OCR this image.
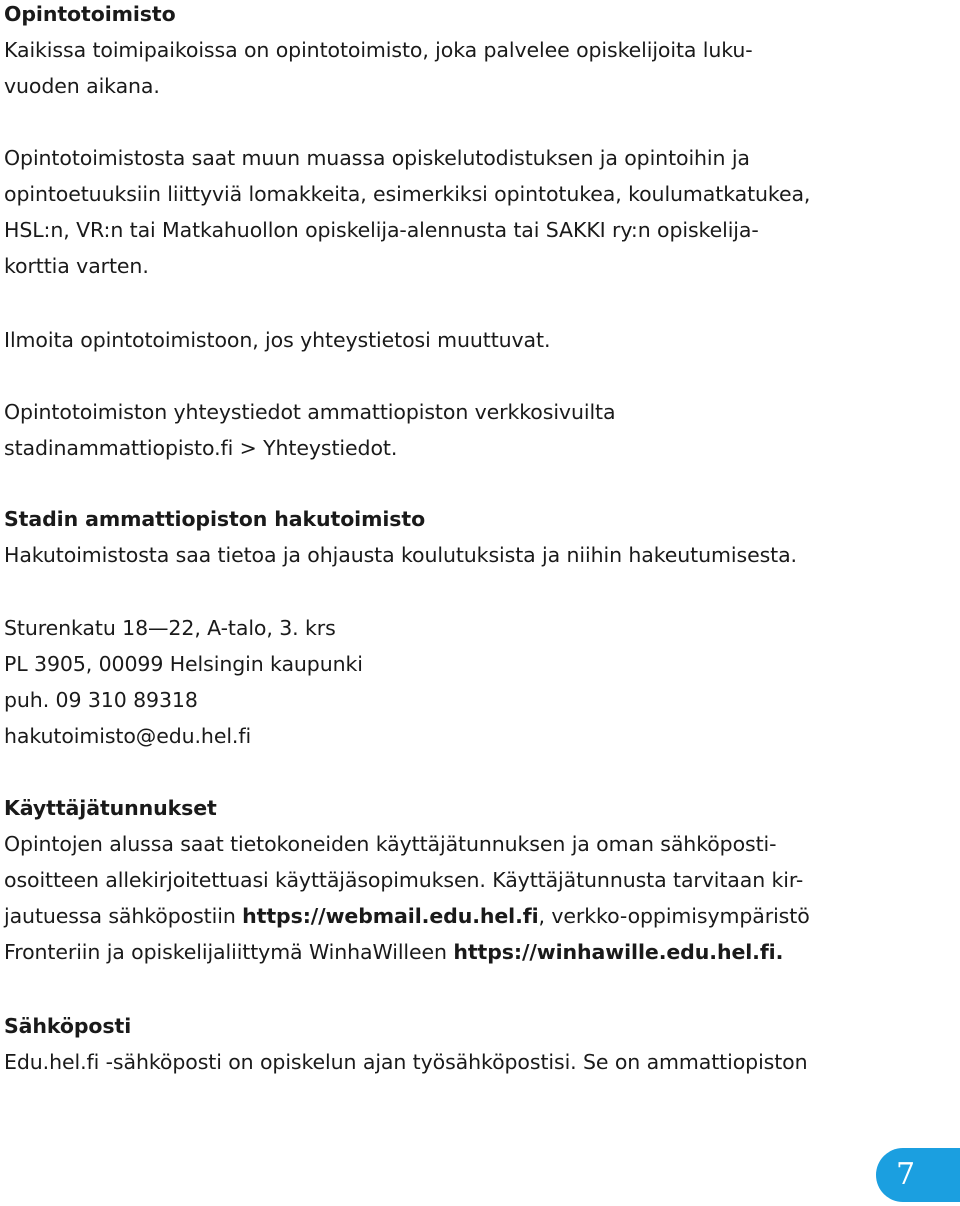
Opintotoimisto
Kaikissa toimipaikoissa on opintotoimisto, joka palvelee opiskelijoita luku-
vuoden aikana.
Opintotoimistosta saat muun muassa opiskelutodistuksen ja opintoihin ja
opintoetuuksiin liittyviä lomakkeita, esimerkiksi opintotukea, koulumatkatukea,
HSL:n, VR:n tai Matkahuollon opiskelija-alennusta tai SAKKI ry:n opiskelija-
korttia varten.
Ilmoita opintotoimistoon, jos yhteystietosi muuttuvat.
Opintotoimiston yhteystiedot ammattiopiston verkkosivuilta
stadinammattiopisto.fi > Yhteystiedot.
Stadin ammattiopiston hakutoimisto
Hakutoimistosta saa tietoa ja ohjausta koulutuksista ja niihin hakeutumisesta.
Sturenkatu 18—22, A-talo, 3. krs
PL 3905, 00099 Helsingin kaupunki
puh. 09 310 89318
hakutoimisto@edu.hel.fi
Käyttäjätunnukset
Opintojen alussa saat tietokoneiden käyttäjätunnuksen ja oman sähköposti-
osoitteen allekirjoitettuasi käyttäjäsopimuksen. Käyttäjätunnusta tarvitaan kir-
jautuessa sähköpostiin https://webmail.edu.hel.fi, verkko-oppimisympäristö
Fronteriin ja opiskelijaliittymä WinhaWilleen https://winhawille.edu.hel.fi.
Sähköposti
Edu.hel.fi -sähköposti on opiskelun ajan työsähköpostisi. Se on ammattiopiston
7
